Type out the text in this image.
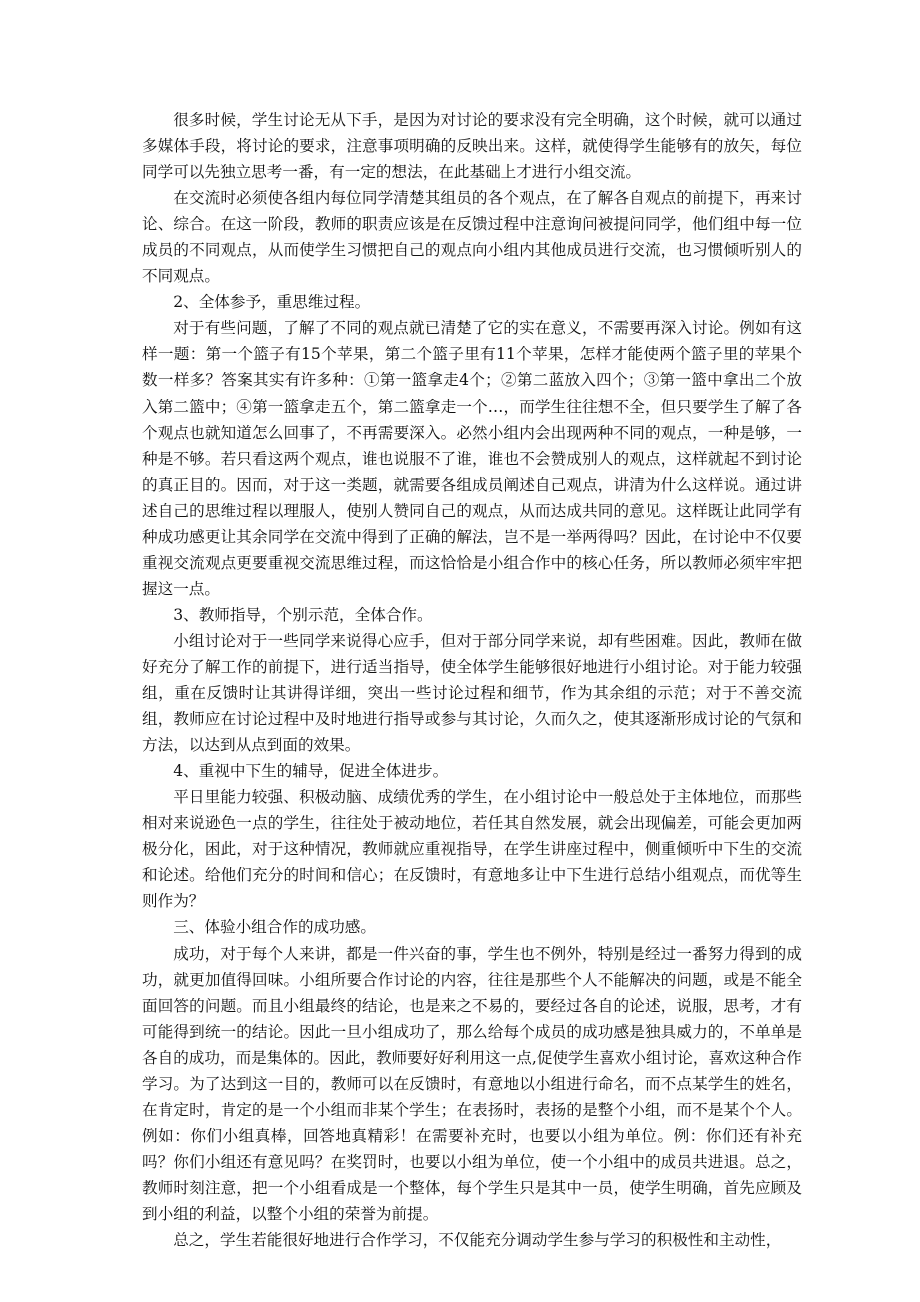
很多时候，学生讨论无从下手，是因为对讨论的要求没有完全明确，这个时候，就可以通过多媒体手段，将讨论的要求，注意事项明确的反映出来。这样，就使得学生能够有的放矢，每位同学可以先独立思考一番，有一定的想法，在此基础上才进行小组交流。

在交流时必须使各组内每位同学清楚其组员的各个观点，在了解各自观点的前提下，再来讨论、综合。在这一阶段，教师的职责应该是在反馈过程中注意询问被提问同学，他们组中每一位成员的不同观点，从而使学生习惯把自己的观点向小组内其他成员进行交流，也习惯倾听别人的不同观点。

2、全体参予，重思维过程。

对于有些问题，了解了不同的观点就已清楚了它的实在意义，不需要再深入讨论。例如有这样一题：第一个篮子有15个苹果，第二个篮子里有11个苹果，怎样才能使两个篮子里的苹果个数一样多？答案其实有许多种：①第一篮拿走4个；②第二蓝放入四个；③第一篮中拿出二个放入第二篮中；④第一篮拿走五个，第二篮拿走一个…，而学生往往想不全，但只要学生了解了各个观点也就知道怎么回事了，不再需要深入。必然小组内会出现两种不同的观点，一种是够，一种是不够。若只看这两个观点，谁也说服不了谁，谁也不会赞成别人的观点，这样就起不到讨论的真正目的。因而，对于这一类题，就需要各组成员阐述自己观点，讲清为什么这样说。通过讲述自己的思维过程以理服人，使别人赞同自己的观点，从而达成共同的意见。这样既让此同学有种成功感更让其余同学在交流中得到了正确的解法，岂不是一举两得吗？因此，在讨论中不仅要重视交流观点更要重视交流思维过程，而这恰恰是小组合作中的核心任务，所以教师必须牢牢把握这一点。

3、教师指导，个别示范，全体合作。

小组讨论对于一些同学来说得心应手，但对于部分同学来说，却有些困难。因此，教师在做好充分了解工作的前提下，进行适当指导，使全体学生能够很好地进行小组讨论。对于能力较强组，重在反馈时让其讲得详细，突出一些讨论过程和细节，作为其余组的示范；对于不善交流组，教师应在讨论过程中及时地进行指导或参与其讨论，久而久之，使其逐渐形成讨论的气氛和方法，以达到从点到面的效果。

4、重视中下生的辅导，促进全体进步。

平日里能力较强、积极动脑、成绩优秀的学生，在小组讨论中一般总处于主体地位，而那些相对来说逊色一点的学生，往往处于被动地位，若任其自然发展，就会出现偏差，可能会更加两极分化，困此，对于这种情况，教师就应重视指导，在学生讲座过程中，侧重倾听中下生的交流和论述。给他们充分的时间和信心；在反馈时，有意地多让中下生进行总结小组观点，而优等生则作为？

三、体验小组合作的成功感。

成功，对于每个人来讲，都是一件兴奋的事，学生也不例外，特别是经过一番努力得到的成功，就更加值得回味。小组所要合作讨论的内容，往往是那些个人不能解决的问题，或是不能全面回答的问题。而且小组最终的结论，也是来之不易的，要经过各自的论述，说服，思考，才有可能得到统一的结论。因此一旦小组成功了，那么给每个成员的成功感是独具威力的，不单单是各自的成功，而是集体的。因此，教师要好好利用这一点,促使学生喜欢小组讨论，喜欢这种合作学习。为了达到这一目的，教师可以在反馈时，有意地以小组进行命名，而不点某学生的姓名，在肯定时，肯定的是一个小组而非某个学生；在表扬时，表扬的是整个小组，而不是某个个人。例如：你们小组真棒，回答地真精彩！在需要补充时，也要以小组为单位。例：你们还有补充吗？你们小组还有意见吗？在奖罚时，也要以小组为单位，使一个小组中的成员共进退。总之，教师时刻注意，把一个小组看成是一个整体，每个学生只是其中一员，使学生明确，首先应顾及到小组的利益，以整个小组的荣誉为前提。

总之，学生若能很好地进行合作学习，不仅能充分调动学生参与学习的积极性和主动性，
